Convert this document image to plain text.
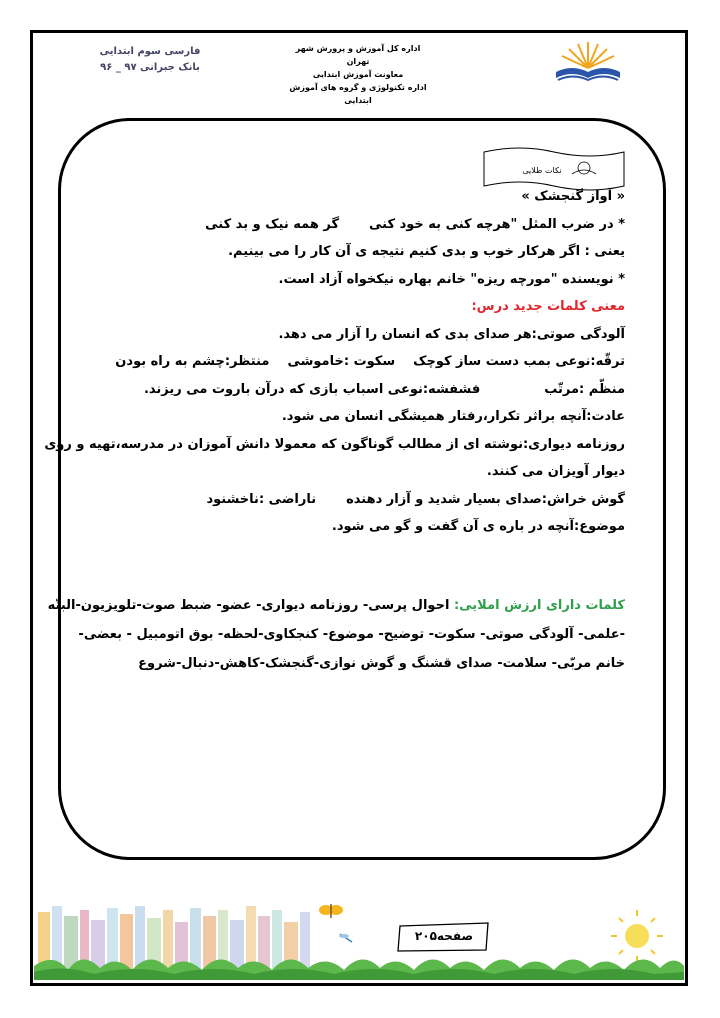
اداره کل آموزش و پرورش شهر تهران
معاونت آموزش ابتدایی
اداره تکنولوژی و گروه های آموزش ابتدایی
فارسی سوم ابتدایی
بانک جبرانی ۹۷ _ ۹۶
نکات طلایی
« آواز گنجشک »
* در ضرب المثل "هرچه کنی به خود کنیگر همه نیک و بد کنی
یعنی : اگر هرکار خوب و بدی کنیم نتیجه ی آن کار را می بینیم.
* نویسنده "مورچه ریزه" خانم بهاره نیکخواه آزاد است.
معنی کلمات جدید درس:
آلودگی صوتی:هر صدای بدی که انسان را آزار می دهد.
ترقّه:نوعی بمب دست ساز کوچکسکوت :خاموشیمنتظر:چشم به راه بودن
منظّم :مرتّبفشفشه:نوعی اسباب بازی که درآن باروت می ریزند.
عادت:آنچه براثر تکرار،رفتار همیشگی انسان می شود.
روزنامه دیواری:نوشته ای از مطالب گوناگون که معمولا دانش آموزان در مدرسه،تهیه و روی
دیوار آویزان می کنند.
گوش خراش:صدای بسیار شدید و آزار دهندهناراضی :ناخشنود
موضوع:آنچه در باره ی آن گفت و گو می شود.
کلمات دارای ارزش املایی: احوال پرسی- روزنامه دیواری- عضو- ضبط صوت-تلویزیون-البتّه
-علمی- آلودگی صوتی- سکوت- توضیح- موضوع- کنجکاوی-لحظه- بوق اتومبیل - بعضی-
خانم مربّی- سلامت- صدای قشنگ و گوش نوازی-گنجشک-کاهش-دنبال-شروع
صفحه۲۰۵
